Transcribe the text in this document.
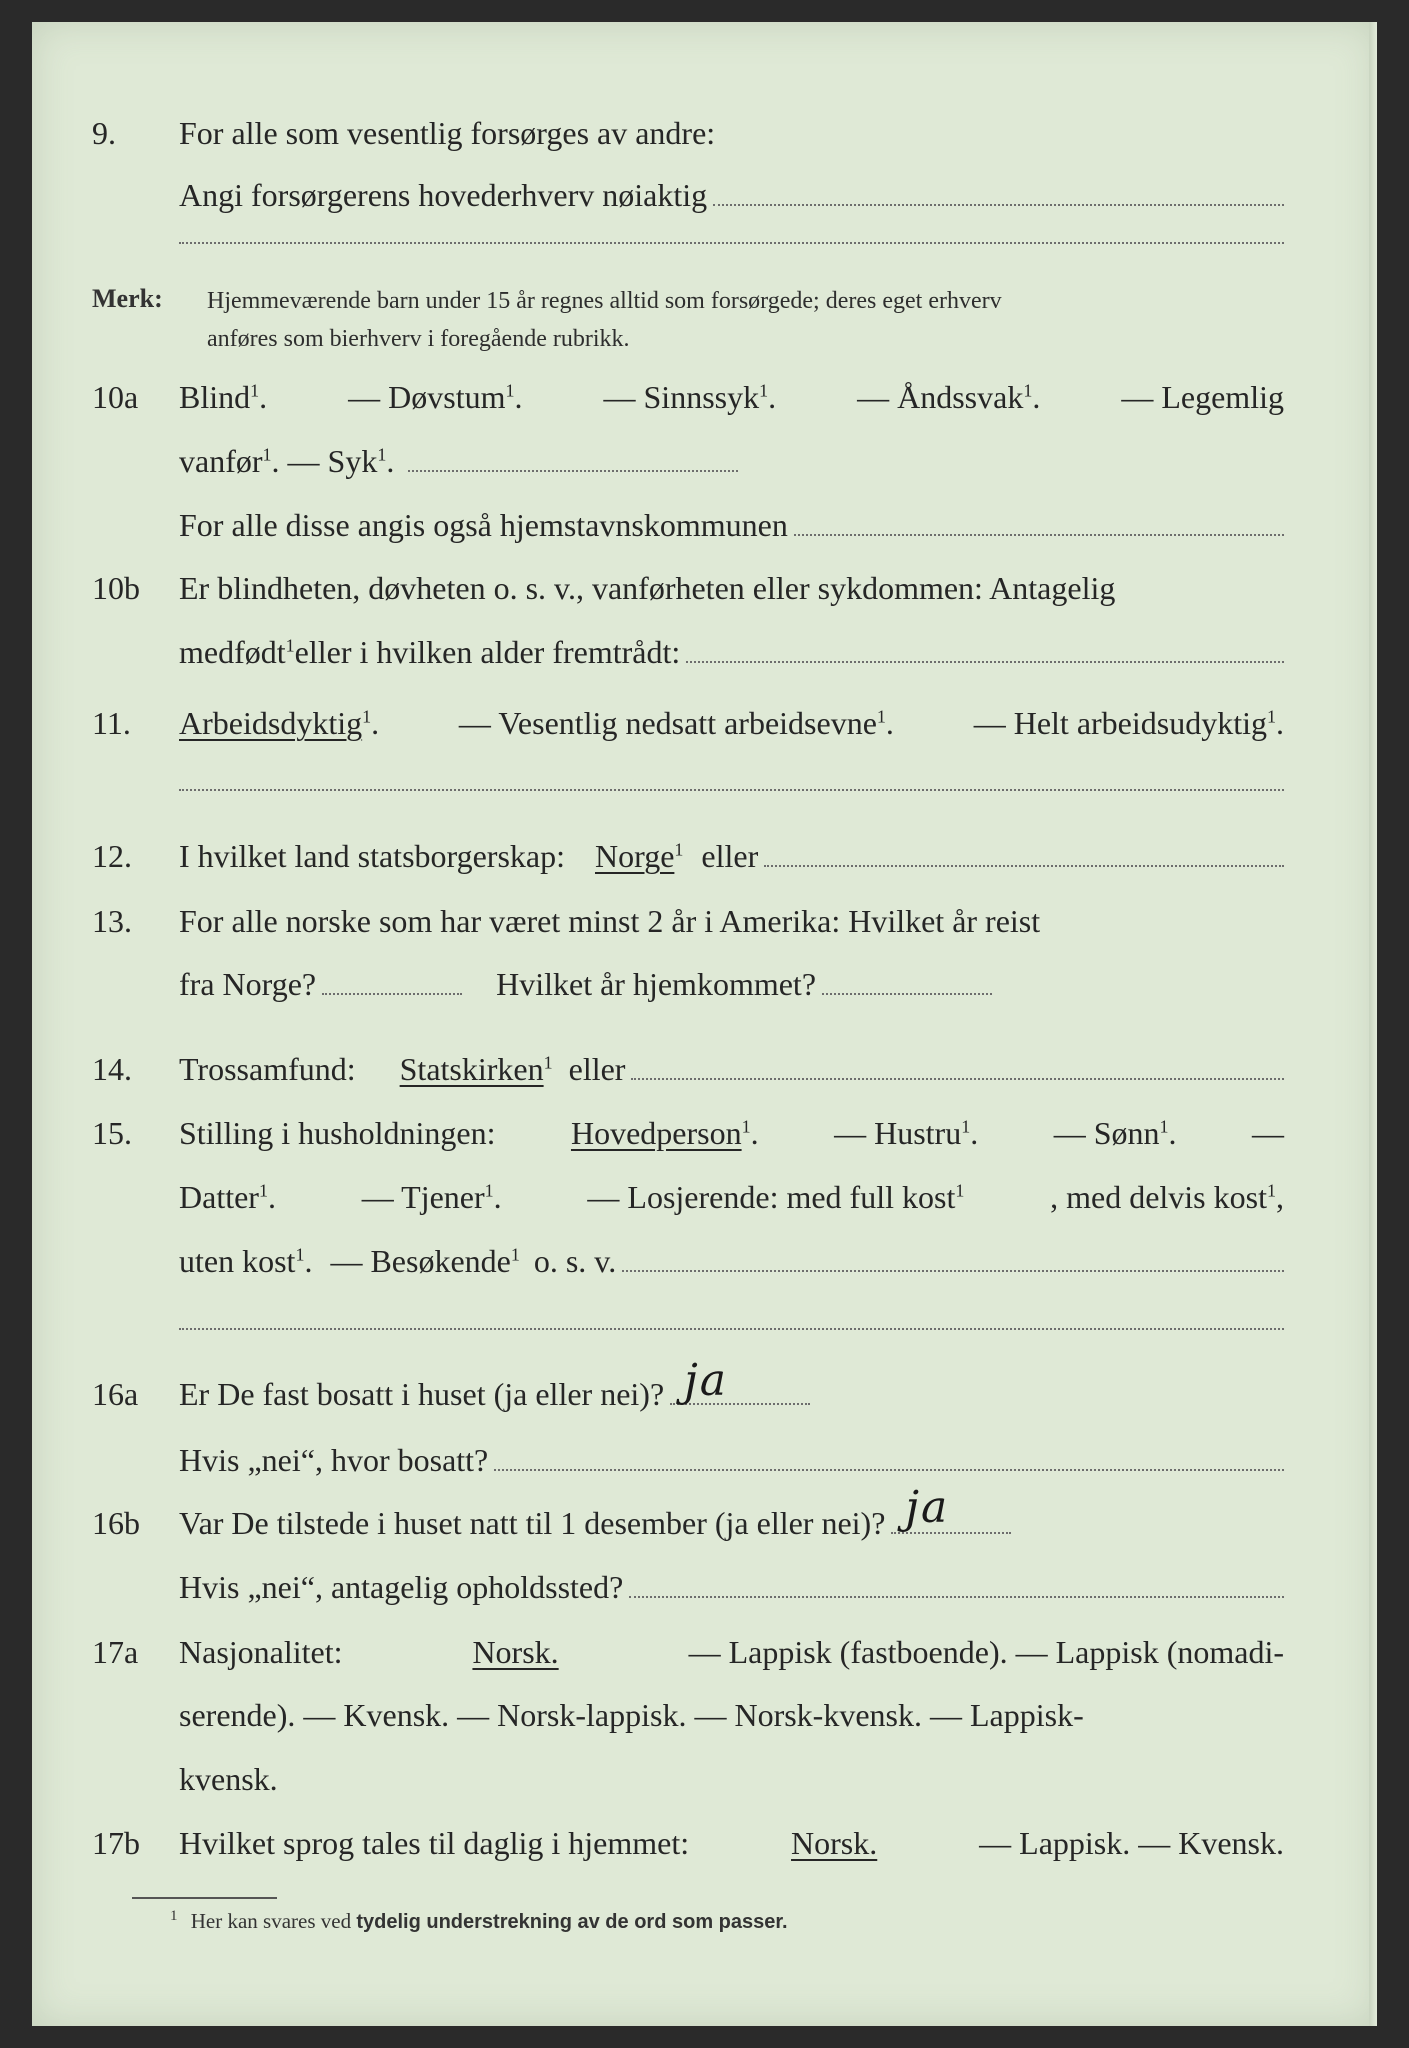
9. For alle som vesentlig forsørges av andre:
Angi forsørgerens hovederhverv nøiaktig
Merk: Hjemmeværende barn under 15 år regnes alltid som forsørgede; deres eget erhverv
anføres som bierhverv i foregående rubrikk.
10a Blind$^1$.	— Døvstum$^1$.	— Sinnssyk$^1$.	— Åndssvak$^1$.	— Legemlig
vanfør$^1$. — Syk$^1$.
For alle disse angis også hjemstavnskommunen
10b Er blindheten, døvheten o. s. v., vanførheten eller sykdommen: Antagelig
medfødt$^1$ eller i hvilken alder fremtrådt:
11. Arbeidsdyktig$^1$. — Vesentlig nedsatt arbeidsevne$^1$. — Helt arbeidsudyktig$^1$.
12. I hvilket land statsborgerskap: Norge$^1$ eller
13. For alle norske som har været minst 2 år i Amerika: Hvilket år reist
fra Norge?	Hvilket år hjemkommet?
14. Trossamfund: Statskirken$^1$ eller
15. Stilling i husholdningen: Hovedperson$^1$. — Hustru$^1$. — Sønn$^1$. —
Datter$^1$.	— Tjener$^1$.	— Losjerende: med full kost$^1$	, med delvis kost$^1$,
uten kost$^1$. — Besøkende$^1$ o. s. v.
16a Er De fast bosatt i huset (ja eller nei)? ja
Hvis „nei“, hvor bosatt?
16b Var De tilstede i huset natt til 1 desember (ja eller nei)? ja
Hvis „nei“, antagelig opholdssted?
17a Nasjonalitet:	Norsk.	— Lappisk (fastboende). — Lappisk (nomadi-
serende). — Kvensk. — Norsk-lappisk. — Norsk-kvensk. — Lappisk-
kvensk.
17b Hvilket sprog tales til daglig i hjemmet:	Norsk.	— Lappisk. — Kvensk.
$^1$ Her kan svares ved tydelig understrekning av de ord som passer.
